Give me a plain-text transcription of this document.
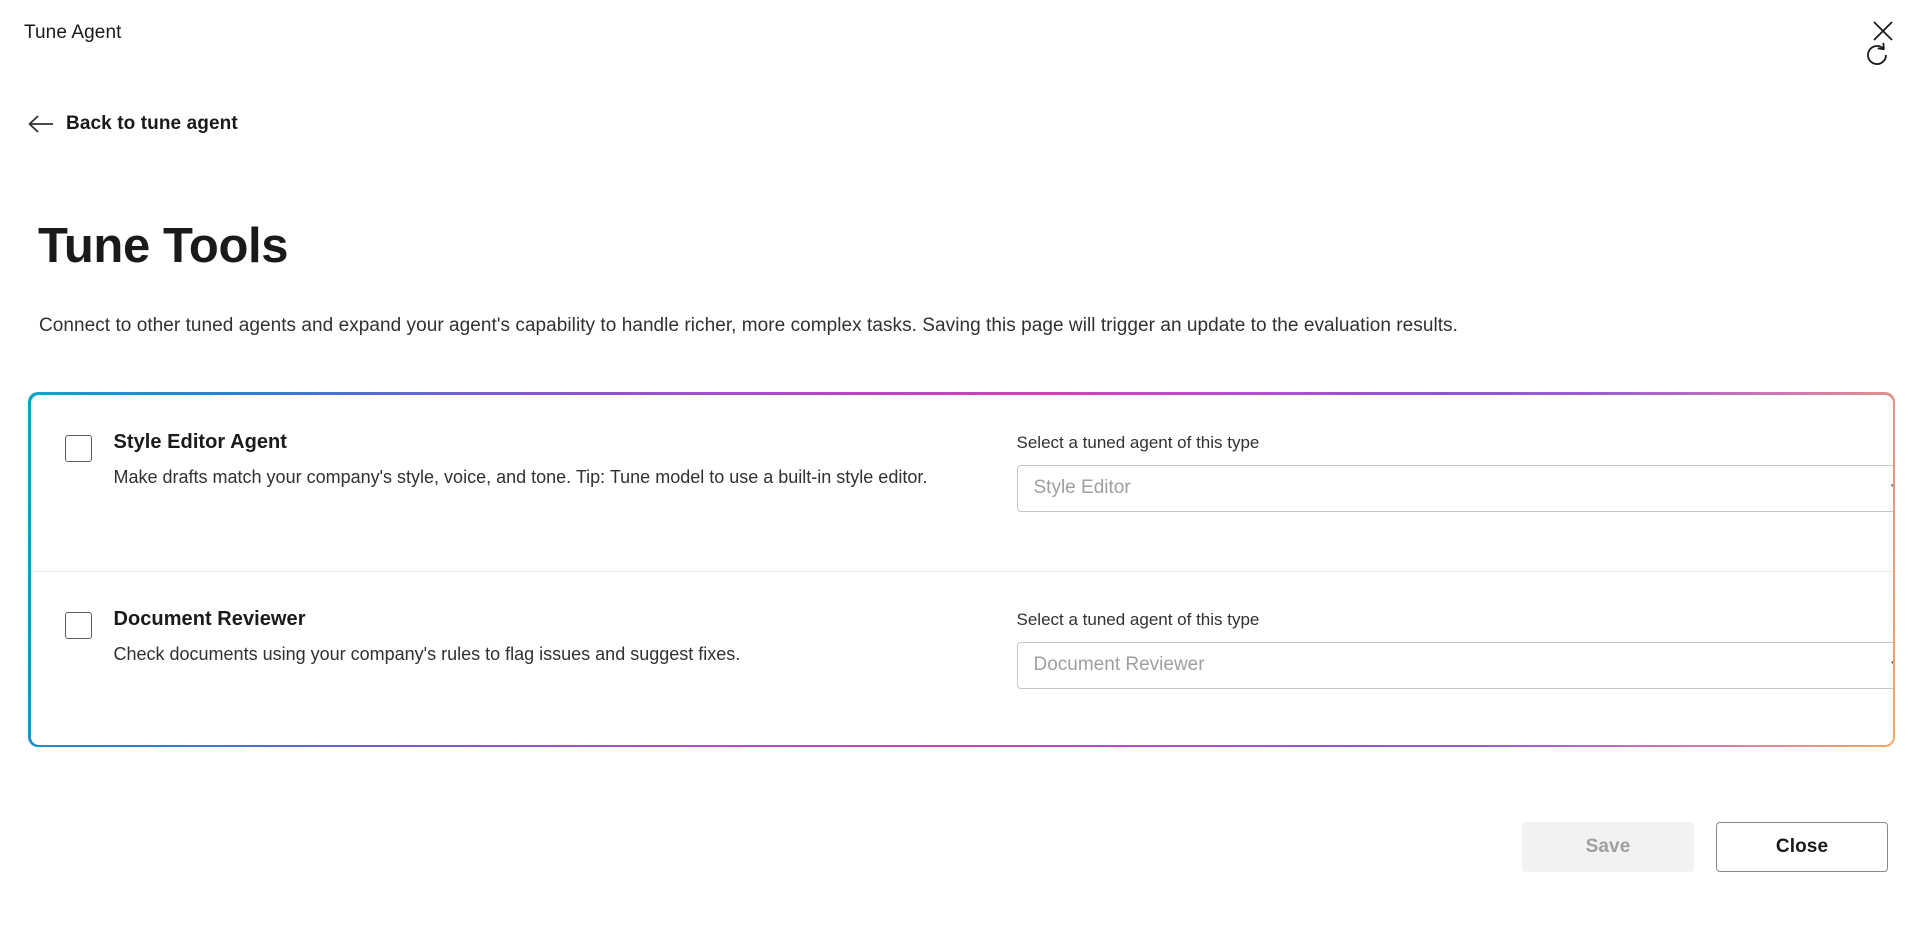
Tune Agent
Back to tune agent
Tune Tools
Connect to other tuned agents and expand your agent's capability to handle richer, more complex tasks. Saving this page will trigger an update to the evaluation results.
Style Editor Agent
Make drafts match your company's style, voice, and tone. Tip: Tune model to use a built-in style editor.
Select a tuned agent of this type
Style Editor
Document Reviewer
Check documents using your company's rules to flag issues and suggest fixes.
Select a tuned agent of this type
Document Reviewer
Save	Close
